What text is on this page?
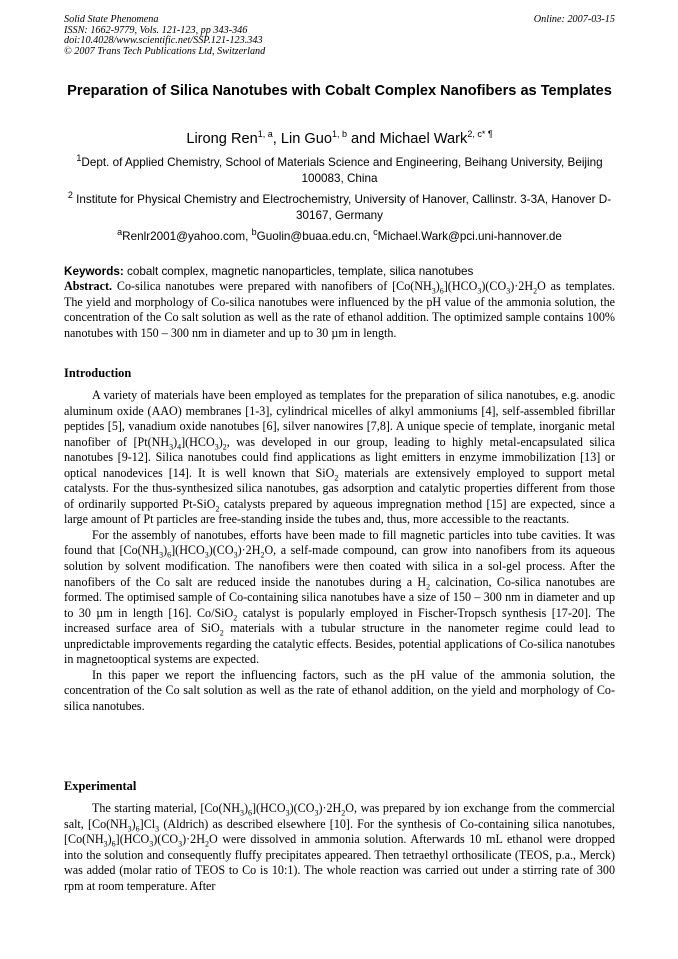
Solid State Phenomena
ISSN: 1662-9779, Vols. 121-123, pp 343-346
doi:10.4028/www.scientific.net/SSP.121-123.343
© 2007 Trans Tech Publications Ltd, Switzerland
Online: 2007-03-15
Preparation of Silica Nanotubes with Cobalt Complex Nanofibers as Templates
Lirong Ren$^{1, a}$, Lin Guo$^{1, b}$ and Michael Wark$^{2, c* \P}$
$^1$Dept. of Applied Chemistry, School of Materials Science and Engineering, Beihang University, Beijing 100083, China
$^2$ Institute for Physical Chemistry and Electrochemistry, University of Hanover, Callinstr. 3-3A, Hanover D-30167, Germany
$^a$Renlr2001@yahoo.com, $^b$Guolin@buaa.edu.cn, $^c$Michael.Wark@pci.uni-hannover.de
Keywords: cobalt complex, magnetic nanoparticles, template, silica nanotubes
Abstract. Co-silica nanotubes were prepared with nanofibers of $[Co(NH_3)_6](HCO_3)(CO_3)\cdot 2H_2O$ as templates. The yield and morphology of Co-silica nanotubes were influenced by the pH value of the ammonia solution, the concentration of the Co salt solution as well as the rate of ethanol addition. The optimized sample contains 100% nanotubes with 150 – 300 nm in diameter and up to 30 µm in length.
Introduction

A variety of materials have been employed as templates for the preparation of silica nanotubes, e.g. anodic aluminum oxide (AAO) membranes [1-3], cylindrical micelles of alkyl ammoniums [4], self-assembled fibrillar peptides [5], vanadium oxide nanotubes [6], silver nanowires [7,8]. A unique specie of template, inorganic metal nanofiber of $[Pt(NH_3)_4](HCO_3)_2$, was developed in our group, leading to highly metal-encapsulated silica nanotubes [9-12]. Silica nanotubes could find applications as light emitters in enzyme immobilization [13] or optical nanodevices [14]. It is well known that SiO$_2$ materials are extensively employed to support metal catalysts. For the thus-synthesized silica nanotubes, gas adsorption and catalytic properties different from those of ordinarily supported Pt-SiO$_2$ catalysts prepared by aqueous impregnation method [15] are expected, since a large amount of Pt particles are free-standing inside the tubes and, thus, more accessible to the reactants.

For the assembly of nanotubes, efforts have been made to fill magnetic particles into tube cavities. It was found that $[Co(NH_3)_6](HCO_3)(CO_3)\cdot 2H_2O$, a self-made compound, can grow into nanofibers from its aqueous solution by solvent modification. The nanofibers were then coated with silica in a sol-gel process. After the nanofibers of the Co salt are reduced inside the nanotubes during a $H_2$ calcination, Co-silica nanotubes are formed. The optimised sample of Co-containing silica nanotubes have a size of 150 – 300 nm in diameter and up to 30 µm in length [16]. Co/SiO$_2$ catalyst is popularly employed in Fischer-Tropsch synthesis [17-20]. The increased surface area of SiO$_2$ materials with a tubular structure in the nanometer regime could lead to unpredictable improvements regarding the catalytic effects. Besides, potential applications of Co-silica nanotubes in magnetooptical systems are expected.

In this paper we report the influencing factors, such as the pH value of the ammonia solution, the concentration of the Co salt solution as well as the rate of ethanol addition, on the yield and morphology of Co-silica nanotubes.

Experimental

The starting material, $[Co(NH_3)_6](HCO_3)(CO_3)\cdot 2H_2O$, was prepared by ion exchange from the commercial salt, $[Co(NH_3)_6]Cl_3$ (Aldrich) as described elsewhere [10]. For the synthesis of Co-containing silica nanotubes, $[Co(NH_3)_6](HCO_3)(CO_3)\cdot 2H_2O$ were dissolved in ammonia solution. Afterwards 10 mL ethanol were dropped into the solution and consequently fluffy precipitates appeared. Then tetraethyl orthosilicate (TEOS, p.a., Merck) was added (molar ratio of TEOS to Co is 10:1). The whole reaction was carried out under a stirring rate of 300 rpm at room temperature. After
